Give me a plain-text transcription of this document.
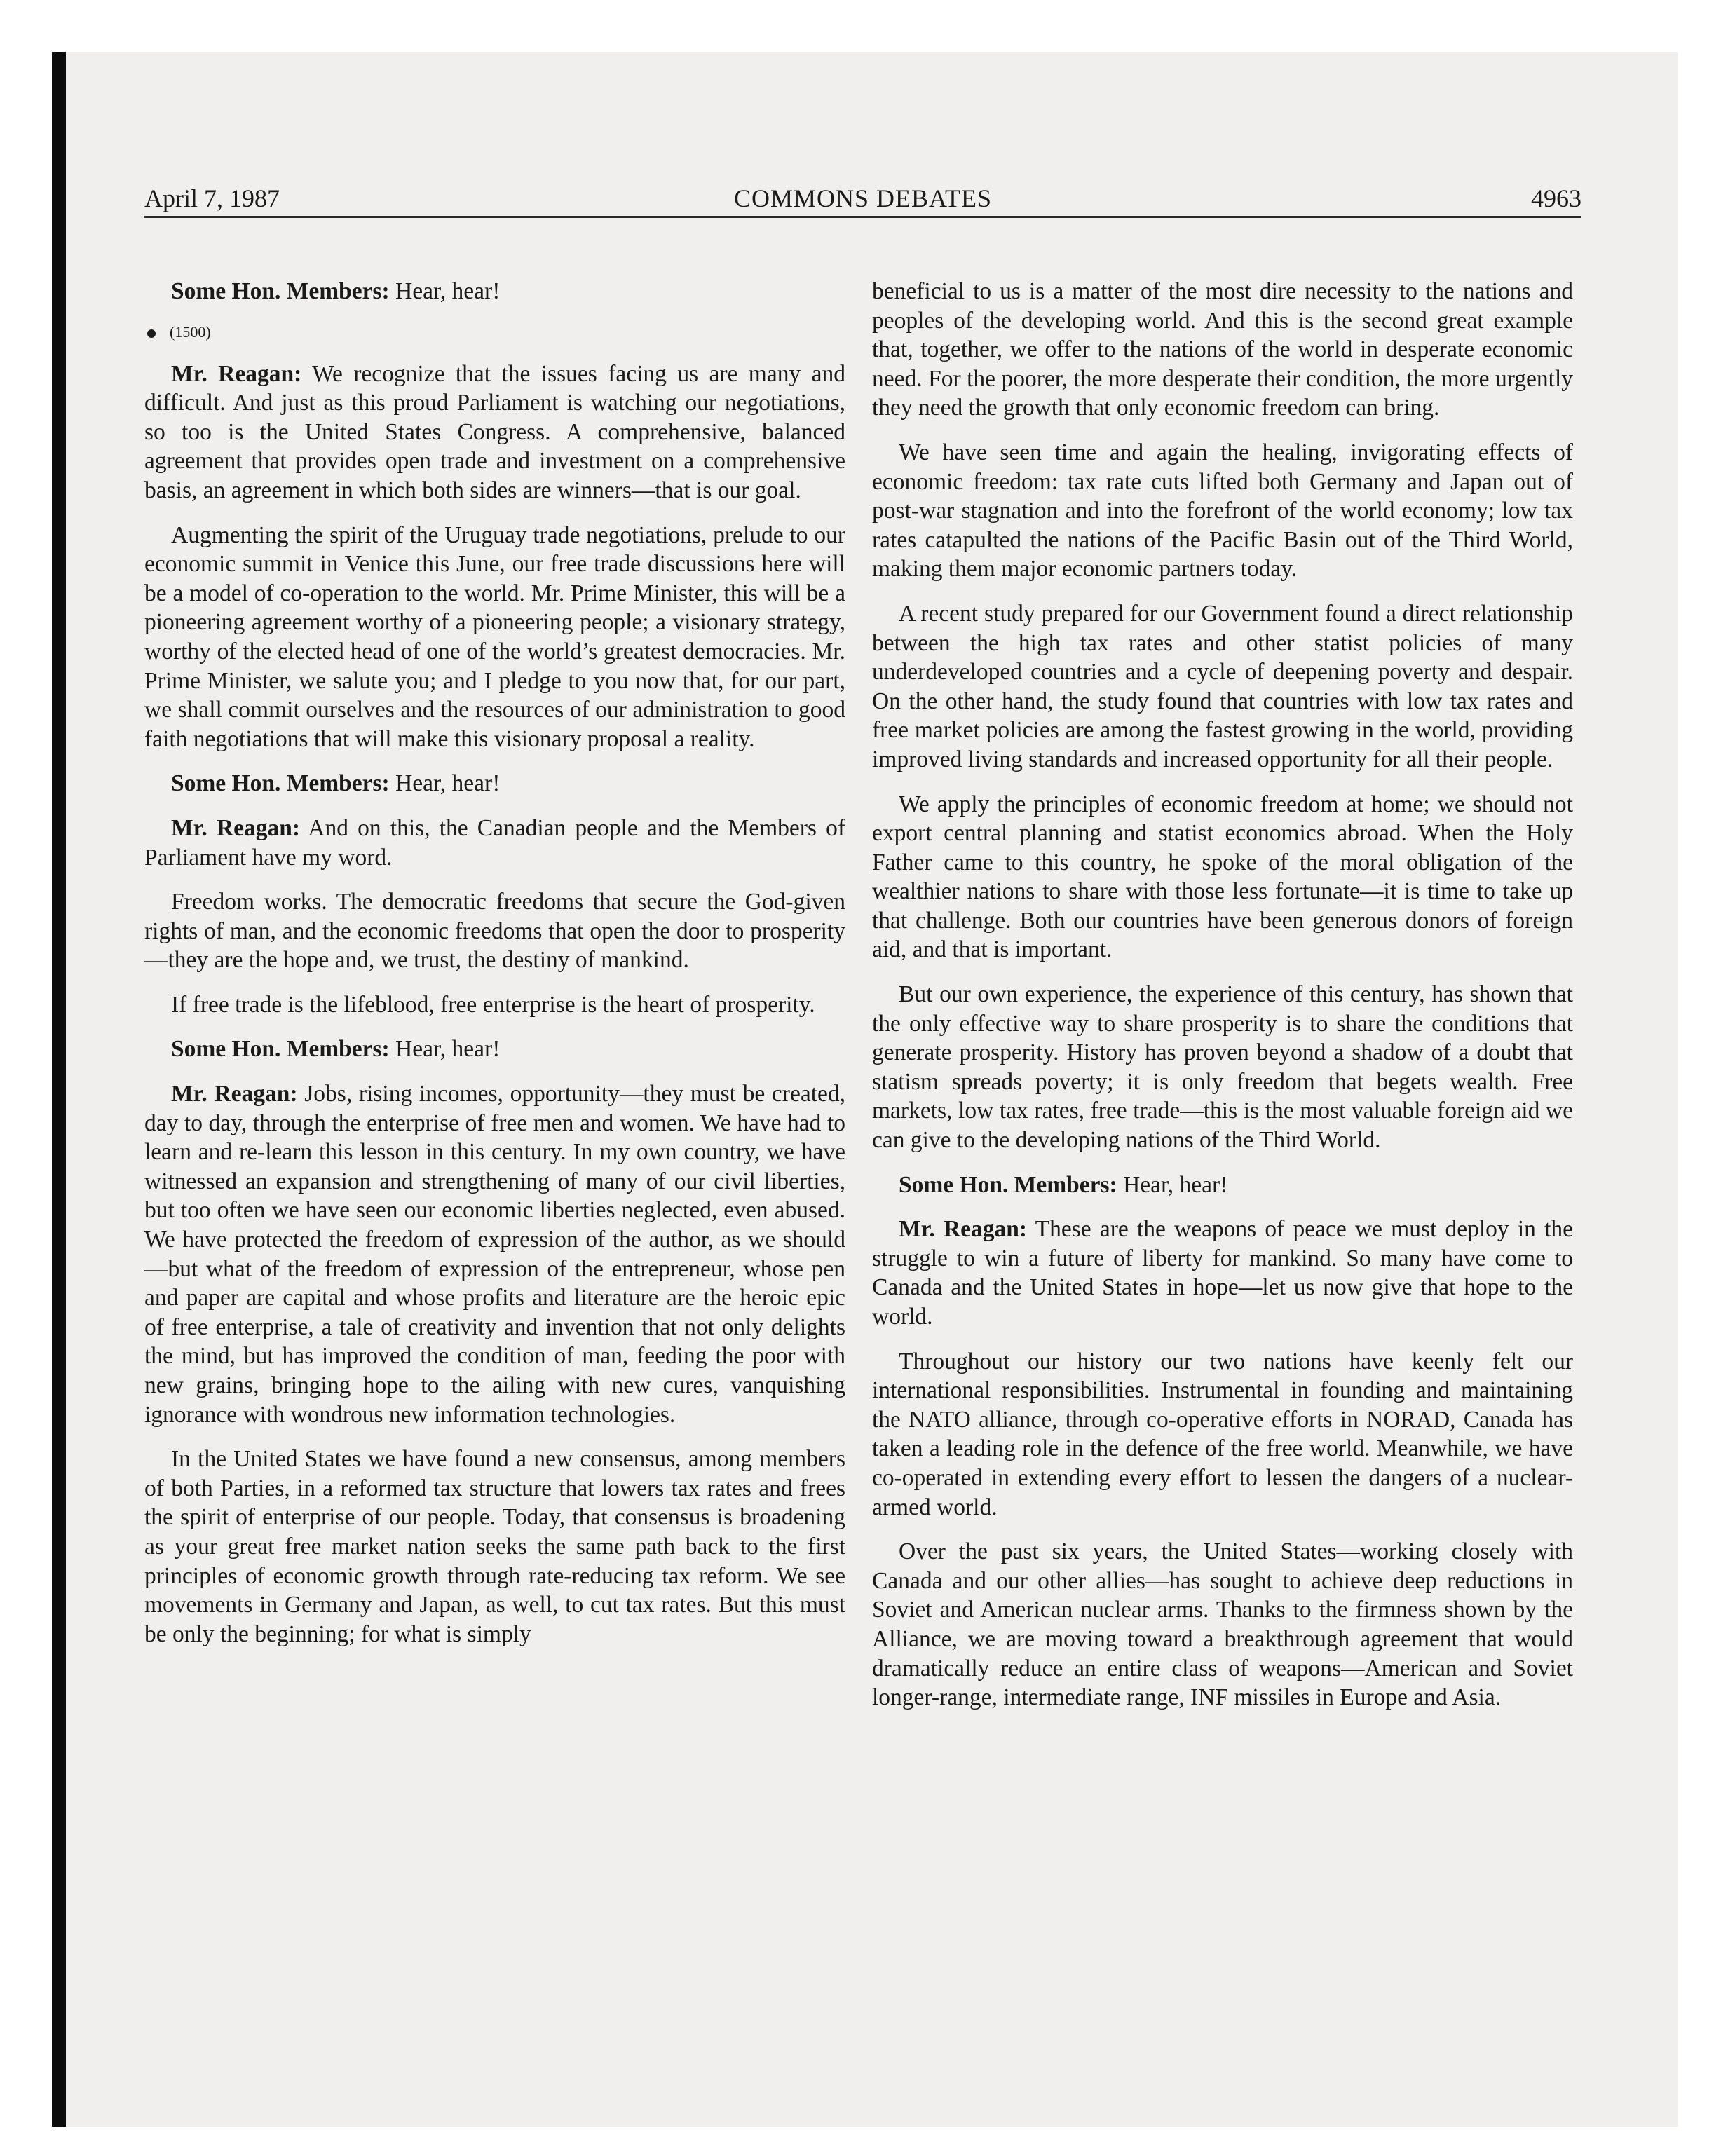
April 7, 1987	COMMONS DEBATES	4963

Some Hon. Members: Hear, hear!

(1500)

Mr. Reagan: We recognize that the issues facing us are many and difficult. And just as this proud Parliament is watching our negotiations, so too is the United States Congress. A comprehensive, balanced agreement that provides open trade and investment on a comprehensive basis, an agreement in which both sides are winners—that is our goal.

Augmenting the spirit of the Uruguay trade negotiations, prelude to our economic summit in Venice this June, our free trade discussions here will be a model of co-operation to the world. Mr. Prime Minister, this will be a pioneering agreement worthy of a pioneering people; a visionary strategy, worthy of the elected head of one of the world’s greatest democracies. Mr. Prime Minister, we salute you; and I pledge to you now that, for our part, we shall commit ourselves and the resources of our administration to good faith negotiations that will make this visionary proposal a reality.

Some Hon. Members: Hear, hear!

Mr. Reagan: And on this, the Canadian people and the Members of Parliament have my word.

Freedom works. The democratic freedoms that secure the God-given rights of man, and the economic freedoms that open the door to prosperity—they are the hope and, we trust, the destiny of mankind.

If free trade is the lifeblood, free enterprise is the heart of prosperity.

Some Hon. Members: Hear, hear!

Mr. Reagan: Jobs, rising incomes, opportunity—they must be created, day to day, through the enterprise of free men and women. We have had to learn and re-learn this lesson in this century. In my own country, we have witnessed an expansion and strengthening of many of our civil liberties, but too often we have seen our economic liberties neglected, even abused. We have protected the freedom of expression of the author, as we should—but what of the freedom of expression of the entrepreneur, whose pen and paper are capital and whose profits and literature are the heroic epic of free enterprise, a tale of creativity and invention that not only delights the mind, but has improved the condition of man, feeding the poor with new grains, bringing hope to the ailing with new cures, vanquishing ignorance with wondrous new information technologies.

In the United States we have found a new consensus, among members of both Parties, in a reformed tax structure that lowers tax rates and frees the spirit of enterprise of our people. Today, that consensus is broadening as your great free market nation seeks the same path back to the first principles of economic growth through rate-reducing tax reform. We see movements in Germany and Japan, as well, to cut tax rates. But this must be only the beginning; for what is simply

beneficial to us is a matter of the most dire necessity to the nations and peoples of the developing world. And this is the second great example that, together, we offer to the nations of the world in desperate economic need. For the poorer, the more desperate their condition, the more urgently they need the growth that only economic freedom can bring.

We have seen time and again the healing, invigorating effects of economic freedom: tax rate cuts lifted both Germany and Japan out of post-war stagnation and into the forefront of the world economy; low tax rates catapulted the nations of the Pacific Basin out of the Third World, making them major economic partners today.

A recent study prepared for our Government found a direct relationship between the high tax rates and other statist policies of many underdeveloped countries and a cycle of deepening poverty and despair. On the other hand, the study found that countries with low tax rates and free market policies are among the fastest growing in the world, providing improved living standards and increased opportunity for all their people.

We apply the principles of economic freedom at home; we should not export central planning and statist economics abroad. When the Holy Father came to this country, he spoke of the moral obligation of the wealthier nations to share with those less fortunate—it is time to take up that challenge. Both our countries have been generous donors of foreign aid, and that is important.

But our own experience, the experience of this century, has shown that the only effective way to share prosperity is to share the conditions that generate prosperity. History has proven beyond a shadow of a doubt that statism spreads poverty; it is only freedom that begets wealth. Free markets, low tax rates, free trade—this is the most valuable foreign aid we can give to the developing nations of the Third World.

Some Hon. Members: Hear, hear!

Mr. Reagan: These are the weapons of peace we must deploy in the struggle to win a future of liberty for mankind. So many have come to Canada and the United States in hope—let us now give that hope to the world.

Throughout our history our two nations have keenly felt our international responsibilities. Instrumental in founding and maintaining the NATO alliance, through co-operative efforts in NORAD, Canada has taken a leading role in the defence of the free world. Meanwhile, we have co-operated in extending every effort to lessen the dangers of a nuclear-armed world.

Over the past six years, the United States—working closely with Canada and our other allies—has sought to achieve deep reductions in Soviet and American nuclear arms. Thanks to the firmness shown by the Alliance, we are moving toward a breakthrough agreement that would dramatically reduce an entire class of weapons—American and Soviet longer-range, intermediate range, INF missiles in Europe and Asia.
